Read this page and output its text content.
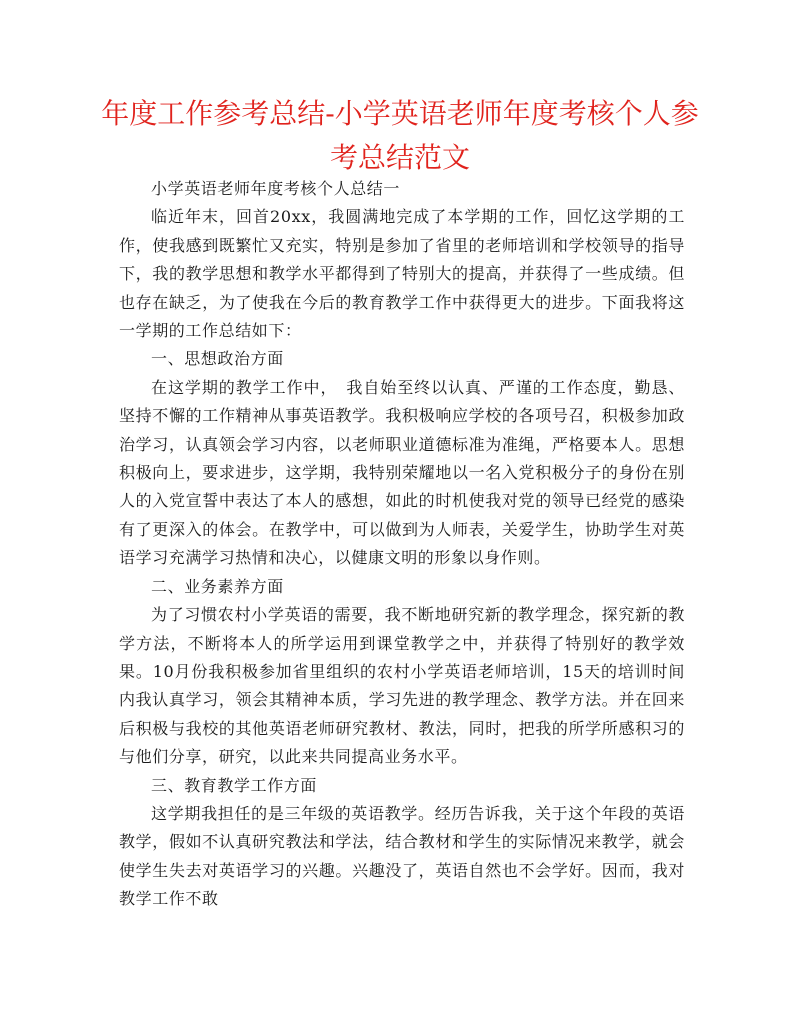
年度工作参考总结-小学英语老师年度考核个人参考总结范文

小学英语老师年度考核个人总结一

临近年末，回首20xx，我圆满地完成了本学期的工作，回忆这学期的工作，使我感到既繁忙又充实，特别是参加了省里的老师培训和学校领导的指导下，我的教学思想和教学水平都得到了特别大的提高，并获得了一些成绩。但也存在缺乏，为了使我在今后的教育教学工作中获得更大的进步。下面我将这一学期的工作总结如下：

一、思想政治方面

在这学期的教学工作中，　我自始至终以认真、严谨的工作态度，勤恳、坚持不懈的工作精神从事英语教学。我积极响应学校的各项号召，积极参加政治学习，认真领会学习内容，以老师职业道德标准为准绳，严格要本人。思想积极向上，要求进步，这学期，我特别荣耀地以一名入党积极分子的身份在别人的入党宣誓中表达了本人的感想，如此的时机使我对党的领导已经党的感染有了更深入的体会。在教学中，可以做到为人师表，关爱学生，协助学生对英语学习充满学习热情和决心，以健康文明的形象以身作则。

二、业务素养方面

为了习惯农村小学英语的需要，我不断地研究新的教学理念，探究新的教学方法，不断将本人的所学运用到课堂教学之中，并获得了特别好的教学效果。10月份我积极参加省里组织的农村小学英语老师培训，15天的培训时间内我认真学习，领会其精神本质，学习先进的教学理念、教学方法。并在回来后积极与我校的其他英语老师研究教材、教法，同时，把我的所学所感积习的与他们分享，研究，以此来共同提高业务水平。

三、教育教学工作方面

这学期我担任的是三年级的英语教学。经历告诉我，关于这个年段的英语教学，假如不认真研究教法和学法，结合教材和学生的实际情况来教学，就会使学生失去对英语学习的兴趣。兴趣没了，英语自然也不会学好。因而，我对教学工作不敢
